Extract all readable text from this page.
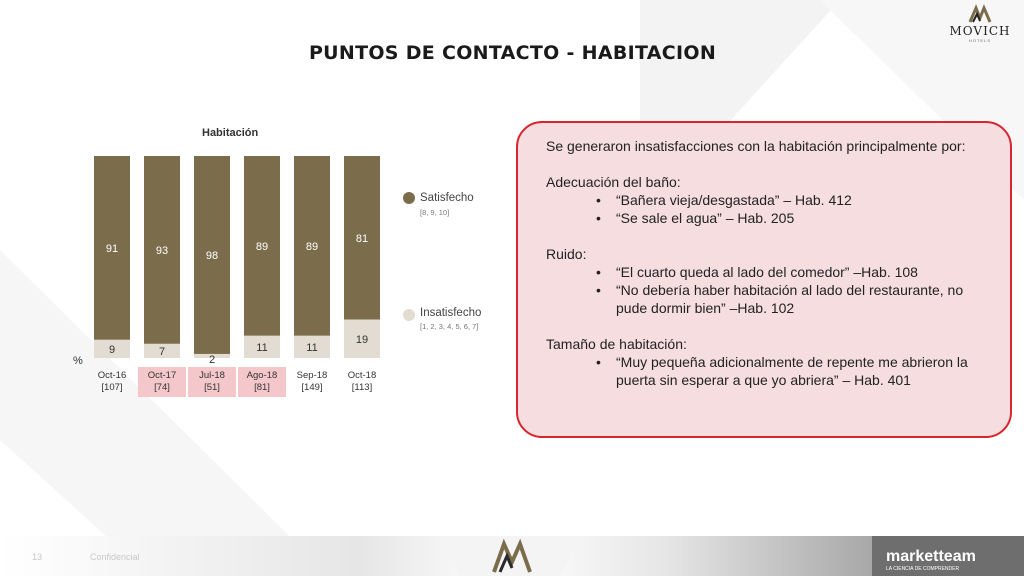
PUNTOS DE CONTACTO - HABITACION
MOVICH
HOTELS
Habitación
%
91
9
Oct-16
[107]
93
7
Oct-17
[74]
98
2
Jul-18
[51]
89
11
Ago-18
[81]
89
11
Sep-18
[149]
81
19
Oct-18
[113]
Satisfecho
[8, 9, 10]
Insatisfecho
[1, 2, 3, 4, 5, 6, 7]

Se generaron insatisfacciones con la habitación principalmente por:

Adecuación del baño:

• “Bañera vieja/desgastada” – Hab. 412
• “Se sale el agua” – Hab. 205

Ruido:

• “El cuarto queda al lado del comedor” –Hab. 108
• “No debería haber habitación al lado del restaurante, no pude dormir bien” –Hab. 102

Tamaño de habitación:

• “Muy pequeña adicionalmente de repente me abrieron la puerta sin esperar a que yo abriera” – Hab. 401
13	Confidencial	marketteam
LA CIENCIA DE COMPRENDER
